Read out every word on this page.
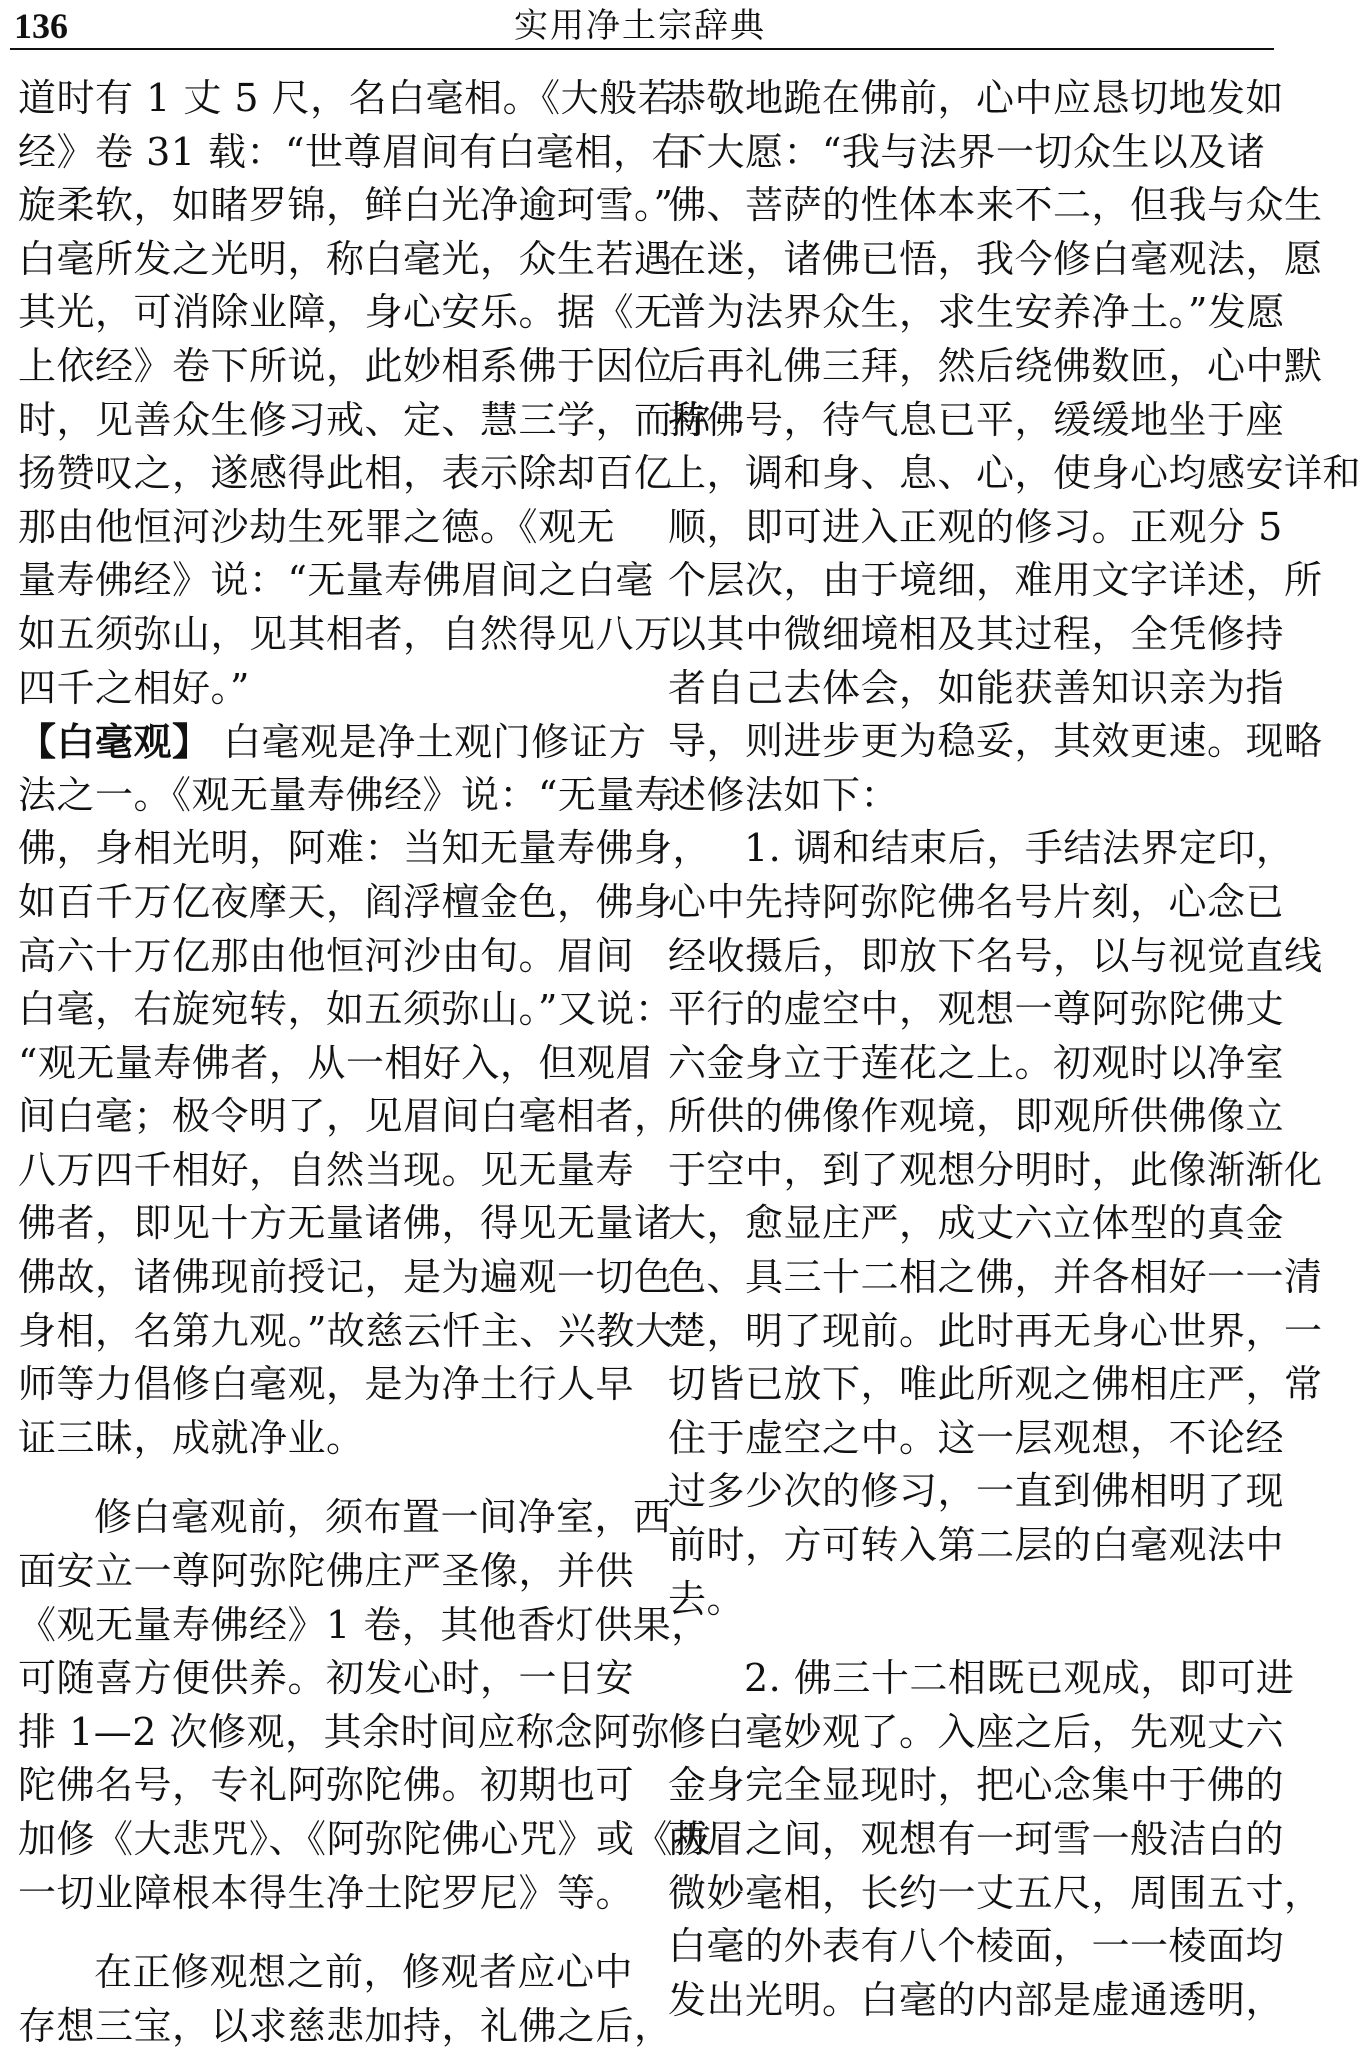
136	实用净土宗辞典
道时有 1 丈 5 尺，名白毫相。《大般若
经》卷 31 载：“世尊眉间有白毫相，右
旋柔软，如睹罗锦，鲜白光净逾珂雪。”
白毫所发之光明，称白毫光，众生若遇
其光，可消除业障，身心安乐。据《无
上依经》卷下所说，此妙相系佛于因位
时，见善众生修习戒、定、慧三学，而称
扬赞叹之，遂感得此相，表示除却百亿
那由他恒河沙劫生死罪之德。《观无
量寿佛经》说：“无量寿佛眉间之白毫
如五须弥山，见其相者，自然得见八万
四千之相好。”
【白毫观】 白毫观是净土观门修证方
法之一。《观无量寿佛经》说：“无量寿
佛，身相光明，阿难：当知无量寿佛身，
如百千万亿夜摩天，阎浮檀金色，佛身
高六十万亿那由他恒河沙由旬。眉间
白毫，右旋宛转，如五须弥山。”又说：
“观无量寿佛者，从一相好入，但观眉
间白毫；极令明了，见眉间白毫相者，
八万四千相好，自然当现。见无量寿
佛者，即见十方无量诸佛，得见无量诸
佛故，诸佛现前授记，是为遍观一切色
身相，名第九观。”故慈云忏主、兴教大
师等力倡修白毫观，是为净土行人早
证三昧，成就净业。
修白毫观前，须布置一间净室，西
面安立一尊阿弥陀佛庄严圣像，并供
《观无量寿佛经》1 卷，其他香灯供果，
可随喜方便供养。初发心时，一日安
排 1—2 次修观，其余时间应称念阿弥
陀佛名号，专礼阿弥陀佛。初期也可
加修《大悲咒》、《阿弥陀佛心咒》或《拔
一切业障根本得生净土陀罗尼》等。
在正修观想之前，修观者应心中
存想三宝，以求慈悲加持，礼佛之后，
恭敬地跪在佛前，心中应恳切地发如
下大愿：“我与法界一切众生以及诸
佛、菩萨的性体本来不二，但我与众生
在迷，诸佛已悟，我今修白毫观法，愿
普为法界众生，求生安养净土。”发愿
后再礼佛三拜，然后绕佛数匝，心中默
持佛号，待气息已平，缓缓地坐于座
上，调和身、息、心，使身心均感安详和
顺，即可进入正观的修习。正观分 5
个层次，由于境细，难用文字详述，所
以其中微细境相及其过程，全凭修持
者自己去体会，如能获善知识亲为指
导，则进步更为稳妥，其效更速。现略
述修法如下：
1. 调和结束后，手结法界定印，
心中先持阿弥陀佛名号片刻，心念已
经收摄后，即放下名号，以与视觉直线
平行的虚空中，观想一尊阿弥陀佛丈
六金身立于莲花之上。初观时以净室
所供的佛像作观境，即观所供佛像立
于空中，到了观想分明时，此像渐渐化
大，愈显庄严，成丈六立体型的真金
色、具三十二相之佛，并各相好一一清
楚，明了现前。此时再无身心世界，一
切皆已放下，唯此所观之佛相庄严，常
住于虚空之中。这一层观想，不论经
过多少次的修习，一直到佛相明了现
前时，方可转入第二层的白毫观法中
去。
2. 佛三十二相既已观成，即可进
修白毫妙观了。入座之后，先观丈六
金身完全显现时，把心念集中于佛的
两眉之间，观想有一珂雪一般洁白的
微妙毫相，长约一丈五尺，周围五寸，
白毫的外表有八个棱面，一一棱面均
发出光明。白毫的内部是虚通透明，
